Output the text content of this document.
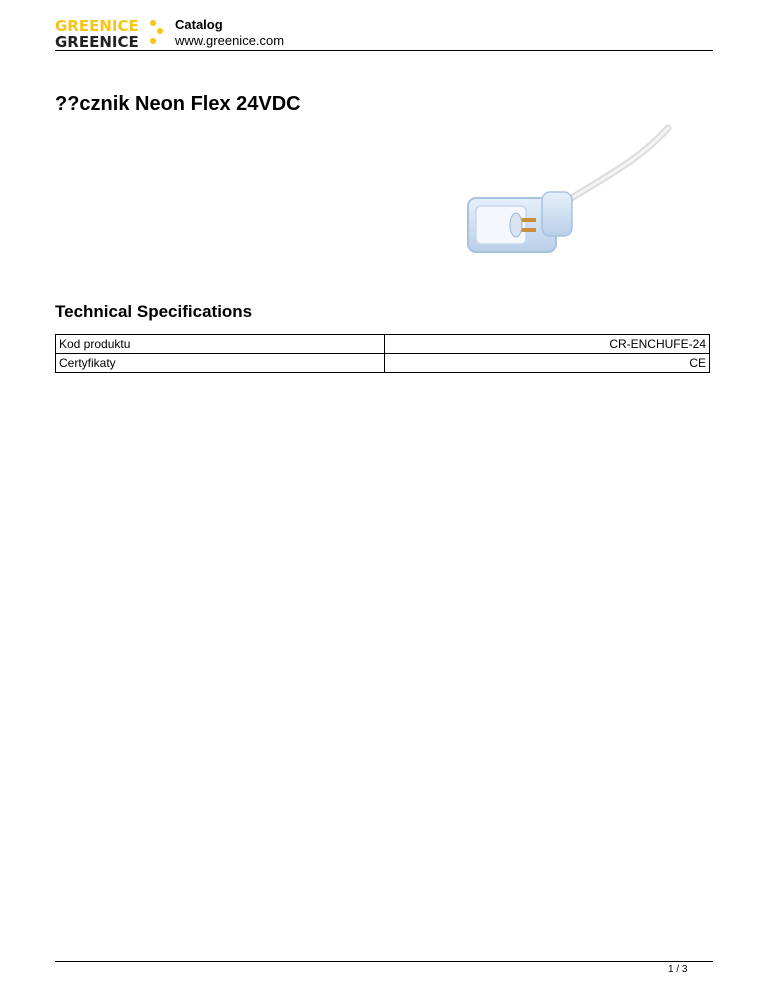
GREENICE
GREENICE
Catalog
www.greenice.com
??cznik Neon Flex 24VDC
Technical Specifications
Kod produktu	CR-ENCHUFE-24
Certyfikaty	CE
1 / 3
